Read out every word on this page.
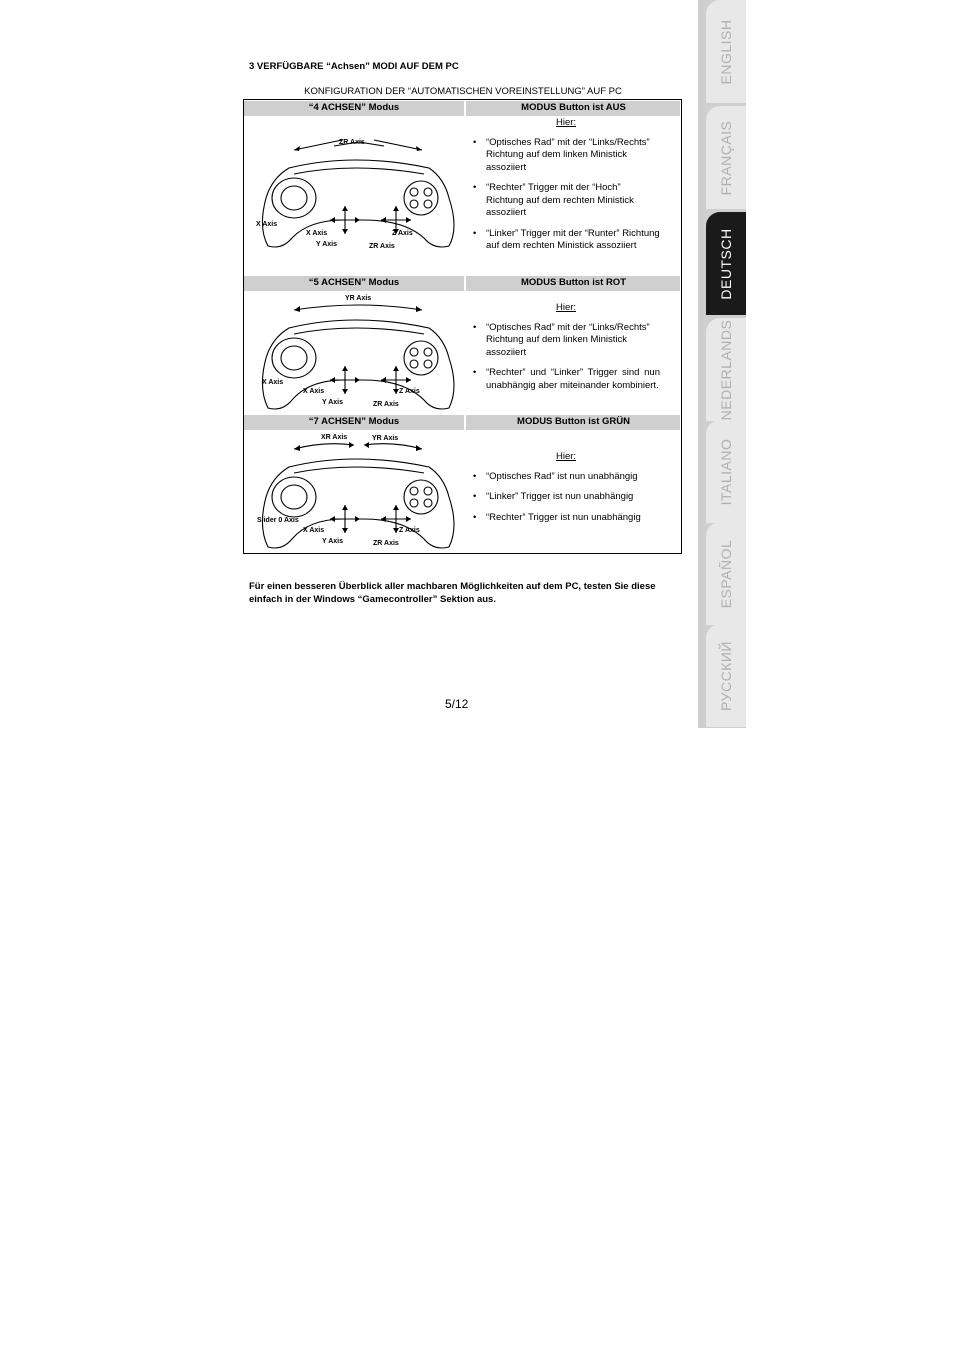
3 VERFÜGBARE “Achsen” MODI AUF DEM PC
KONFIGURATION DER “AUTOMATISCHEN VOREINSTELLUNG” AUF PC
“4 ACHSEN” Modus	MODUS Button ist AUS
ZR Axis
X Axis
X Axis
Y Axis
Z Axis
ZR Axis
Hier:
• “Optisches Rad” mit der “Links/Rechts” Richtung auf dem linken Ministick assoziiert
• “Rechter” Trigger mit der “Hoch” Richtung auf dem rechten Ministick assoziiert
• “Linker” Trigger mit der “Runter” Richtung auf dem rechten Ministick assoziiert
“5 ACHSEN” Modus	MODUS Button ist ROT
YR Axis
X Axis
X Axis
Y Axis
Z Axis
ZR Axis
Hier:
• “Optisches Rad” mit der “Links/Rechts” Richtung auf dem linken Ministick assoziiert
• “Rechter” und “Linker” Trigger sind nun unabhängig aber miteinander kombiniert.
“7 ACHSEN” Modus	MODUS Button ist GRÜN
XR Axis	YR Axis
Slider 0 Axis
X Axis
Y Axis
Z Axis
ZR Axis
Hier:
• “Optisches Rad” ist nun unabhängig
• “Linker” Trigger ist nun unabhängig
• “Rechter” Trigger ist nun unabhängig
Für einen besseren Überblick aller machbaren Möglichkeiten auf dem PC, testen Sie diese einfach in der Windows “Gamecontroller” Sektion aus.
5/12
ENGLISH
FRANÇAIS
DEUTSCH
NEDERLANDS
ITALIANO
ESPAÑOL
РУССКИЙ
